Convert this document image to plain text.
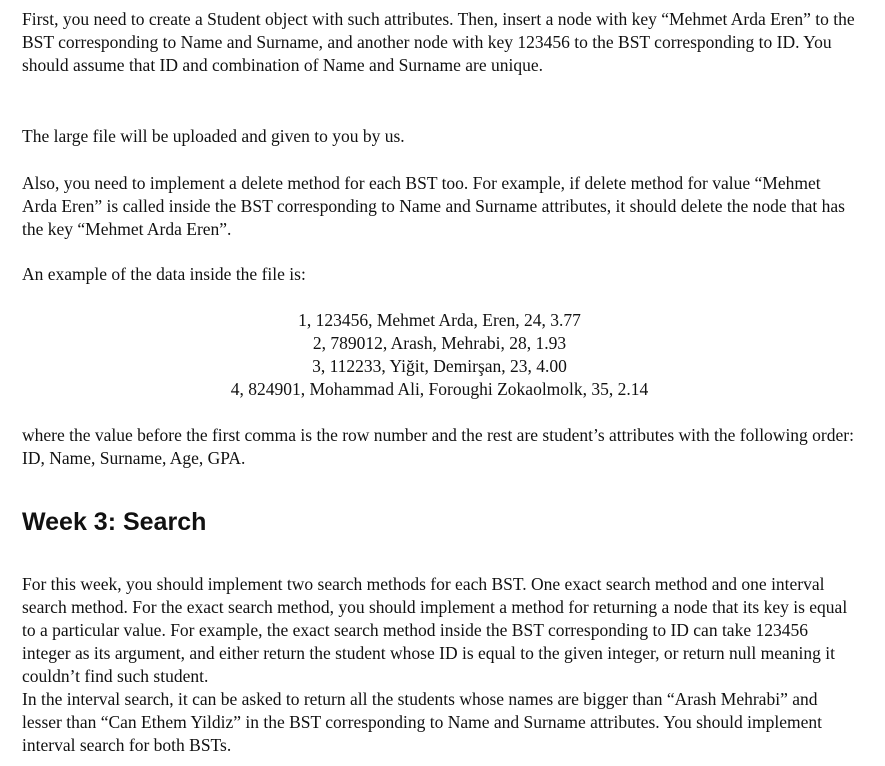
First, you need to create a Student object with such attributes. Then, insert a node with key “Mehmet Arda Eren” to the BST corresponding to Name and Surname, and another node with key 123456 to the BST corresponding to ID. You should assume that ID and combination of Name and Surname are unique.

The large file will be uploaded and given to you by us.

Also, you need to implement a delete method for each BST too. For example, if delete method for value “Mehmet Arda Eren” is called inside the BST corresponding to Name and Surname attributes, it should delete the node that has the key “Mehmet Arda Eren”.

An example of the data inside the file is:

1, 123456, Mehmet Arda, Eren, 24, 3.77
2, 789012, Arash, Mehrabi, 28, 1.93
3, 112233, Yiğit, Demirşan, 23, 4.00
4, 824901, Mohammad Ali, Foroughi Zokaolmolk, 35, 2.14

where the value before the first comma is the row number and the rest are student’s attributes with the following order: ID, Name, Surname, Age, GPA.

Week 3: Search

For this week, you should implement two search methods for each BST. One exact search method and one interval search method. For the exact search method, you should implement a method for returning a node that its key is equal to a particular value. For example, the exact search method inside the BST corresponding to ID can take 123456 integer as its argument, and either return the student whose ID is equal to the given integer, or return null meaning it couldn’t find such student.

In the interval search, it can be asked to return all the students whose names are bigger than “Arash Mehrabi” and lesser than “Can Ethem Yildiz” in the BST corresponding to Name and Surname attributes. You should implement interval search for both BSTs.
